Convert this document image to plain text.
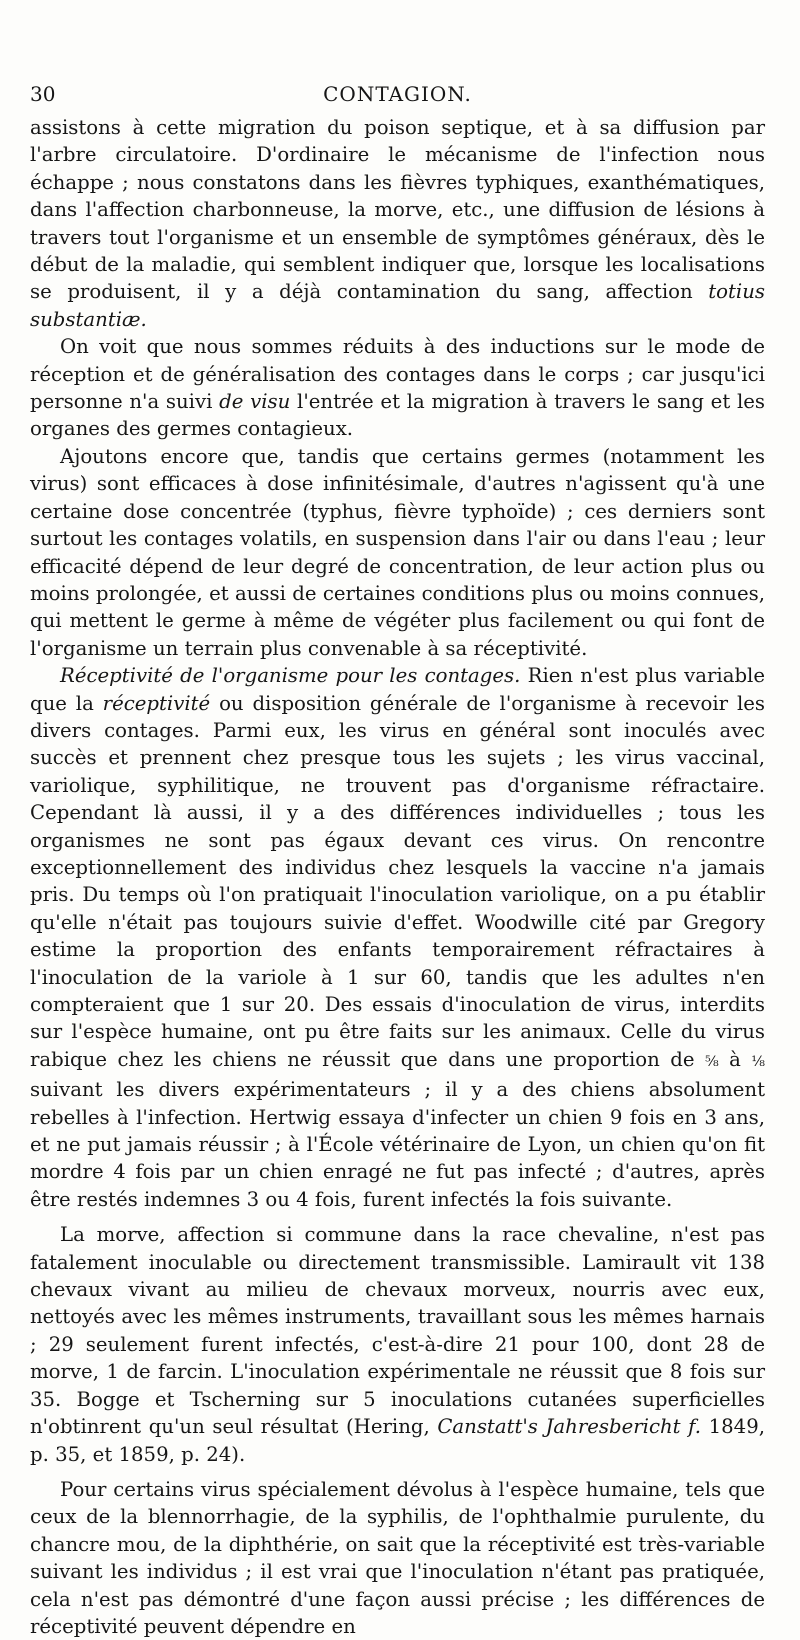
30	CONTAGION.

assistons à cette migration du poison septique, et à sa diffusion par l'arbre circulatoire. D'ordinaire le mécanisme de l'infection nous échappe ; nous constatons dans les fièvres typhiques, exanthématiques, dans l'affection charbonneuse, la morve, etc., une diffusion de lésions à travers tout l'organisme et un ensemble de symptômes généraux, dès le début de la maladie, qui semblent indiquer que, lorsque les localisations se produisent, il y a déjà contamination du sang, affection totius substantiæ.

On voit que nous sommes réduits à des inductions sur le mode de réception et de généralisation des contages dans le corps ; car jusqu'ici personne n'a suivi de visu l'entrée et la migration à travers le sang et les organes des germes contagieux.

Ajoutons encore que, tandis que certains germes (notamment les virus) sont efficaces à dose infinitésimale, d'autres n'agissent qu'à une certaine dose concentrée (typhus, fièvre typhoïde) ; ces derniers sont surtout les contages volatils, en suspension dans l'air ou dans l'eau ; leur efficacité dépend de leur degré de concentration, de leur action plus ou moins prolongée, et aussi de certaines conditions plus ou moins connues, qui mettent le germe à même de végéter plus facilement ou qui font de l'organisme un terrain plus convenable à sa réceptivité.

Réceptivité de l'organisme pour les contages. Rien n'est plus variable que la réceptivité ou disposition générale de l'organisme à recevoir les divers contages. Parmi eux, les virus en général sont inoculés avec succès et prennent chez presque tous les sujets ; les virus vaccinal, variolique, syphilitique, ne trouvent pas d'organisme réfractaire. Cependant là aussi, il y a des différences individuelles ; tous les organismes ne sont pas égaux devant ces virus. On rencontre exceptionnellement des individus chez lesquels la vaccine n'a jamais pris. Du temps où l'on pratiquait l'inoculation variolique, on a pu établir qu'elle n'était pas toujours suivie d'effet. Woodwille cité par Gregory estime la proportion des enfants temporairement réfractaires à l'inoculation de la variole à 1 sur 60, tandis que les adultes n'en compteraient que 1 sur 20. Des essais d'inoculation de virus, interdits sur l'espèce humaine, ont pu être faits sur les animaux. Celle du virus rabique chez les chiens ne réussit que dans une proportion de ⅝ à ⅛ suivant les divers expérimentateurs ; il y a des chiens absolument rebelles à l'infection. Hertwig essaya d'infecter un chien 9 fois en 3 ans, et ne put jamais réussir ; à l'École vétérinaire de Lyon, un chien qu'on fit mordre 4 fois par un chien enragé ne fut pas infecté ; d'autres, après être restés indemnes 3 ou 4 fois, furent infectés la fois suivante.

La morve, affection si commune dans la race chevaline, n'est pas fatalement inoculable ou directement transmissible. Lamirault vit 138 chevaux vivant au milieu de chevaux morveux, nourris avec eux, nettoyés avec les mêmes instruments, travaillant sous les mêmes harnais ; 29 seulement furent infectés, c'est-à-dire 21 pour 100, dont 28 de morve, 1 de farcin. L'inoculation expérimentale ne réussit que 8 fois sur 35. Bogge et Tscherning sur 5 inoculations cutanées superficielles n'obtinrent qu'un seul résultat (Hering, Canstatt's Jahresbericht f. 1849, p. 35, et 1859, p. 24).

Pour certains virus spécialement dévolus à l'espèce humaine, tels que ceux de la blennorrhagie, de la syphilis, de l'ophthalmie purulente, du chancre mou, de la diphthérie, on sait que la réceptivité est très-variable suivant les individus ; il est vrai que l'inoculation n'étant pas pratiquée, cela n'est pas démontré d'une façon aussi précise ; les différences de réceptivité peuvent dépendre en
